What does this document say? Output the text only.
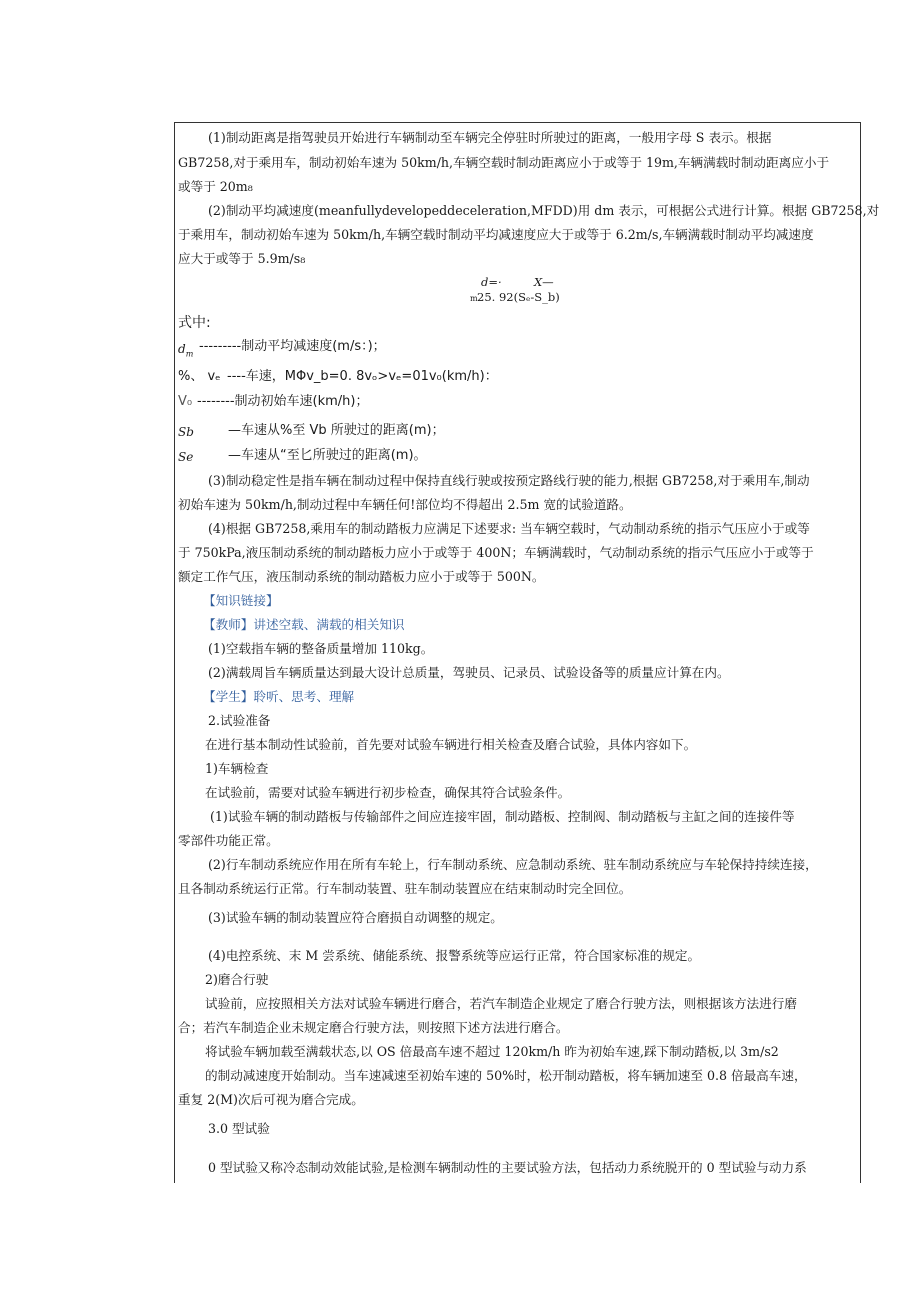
(1)制动距离是指驾驶员开始进行车辆制动至车辆完全停驻时所驶过的距离，一般用字母 S 表示。根据
GB7258,对于乘用车，制动初始车速为 50km/h,车辆空载时制动距离应小于或等于 19m,车辆满载时制动距离应小于
或等于 20m₈
(2)制动平均减速度(meanfullydevelopeddeceleration,MFDD)用 dm 表示，可根据公式进行计算。根据 GB7258,对
于乘用车，制动初始车速为 50km/h,车辆空载时制动平均减速度应大于或等于 6.2m/s,车辆满载时制动平均减速度
应大于或等于 5.9m/s₈
d=·	X—
m 25. 92(Sₑ-S_b)
式中:
$d_m$ ---------制动平均减速度(m/s：)；
%、 vₑ ----车速，MΦv_b=0. 8vₒ>vₑ=01v₀(km/h)：
V₀ --------制动初始车速(km/h)；
Sb	—车速从%至 Vb 所驶过的距离(m)；
Se	—车速从“至匕所驶过的距离(m)。
(3)制动稳定性是指车辆在制动过程中保持直线行驶或按预定路线行驶的能力,根据 GB7258,对于乘用车,制动
初始车速为 50km/h,制动过程中车辆任何!部位均不得超出 2.5m 宽的试验道路。
(4)根据 GB7258,乘用车的制动踏板力应满足下述要求: 当车辆空载时，气动制动系统的指示气压应小于或等
于 750kPa,液压制动系统的制动踏板力应小于或等于 400N；车辆满载时，气动制动系统的指示气压应小于或等于
额定工作气压，液压制动系统的制动踏板力应小于或等于 500N。
【知识链接】
【教师】讲述空载、满载的相关知识
(1)空载指车辆的整备质量增加 110kg。
(2)满载周旨车辆质量达到最大设计总质量，驾驶员、记录员、试验设备等的质量应计算在内。
【学生】聆听、思考、理解
2.试验准备
在进行基本制动性试验前，首先要对试验车辆进行相关检查及磨合试验，具体内容如下。
1)车辆检查
在试验前，需要对试验车辆进行初步检查，确保其符合试验条件。
(1)试验车辆的制动踏板与传输部件之间应连接牢固，制动踏板、控制阀、制动踏板与主缸之间的连接件等
零部件功能正常。
(2)行车制动系统应作用在所有车轮上，行车制动系统、应急制动系统、驻车制动系统应与车轮保持持续连接，
且各制动系统运行正常。行车制动装置、驻车制动装置应在结束制动时完全回位。
(3)试验车辆的制动装置应符合磨损自动调整的规定。
(4)电控系统、末 M 尝系统、储能系统、报警系统等应运行正常，符合国家标准的规定。
2)磨合行驶
试验前，应按照相关方法对试验车辆进行磨合，若汽车制造企业规定了磨合行驶方法，则根据该方法进行磨
合；若汽车制造企业未规定磨合行驶方法，则按照下述方法进行磨合。
将试验车辆加载至满载状态,以 OS 倍最高车速不超过 120km/h 昨为初始车速,踩下制动踏板,以 3m/s2
的制动减速度开始制动。当车速减速至初始车速的 50%时，松开制动踏板，将车辆加速至 0.8 倍最高车速，
重复 2(M)次后可视为磨合完成。
3.0 型试验
0 型试验又称冷态制动效能试验,是检测车辆制动性的主要试验方法，包括动力系统脱开的 0 型试验与动力系
